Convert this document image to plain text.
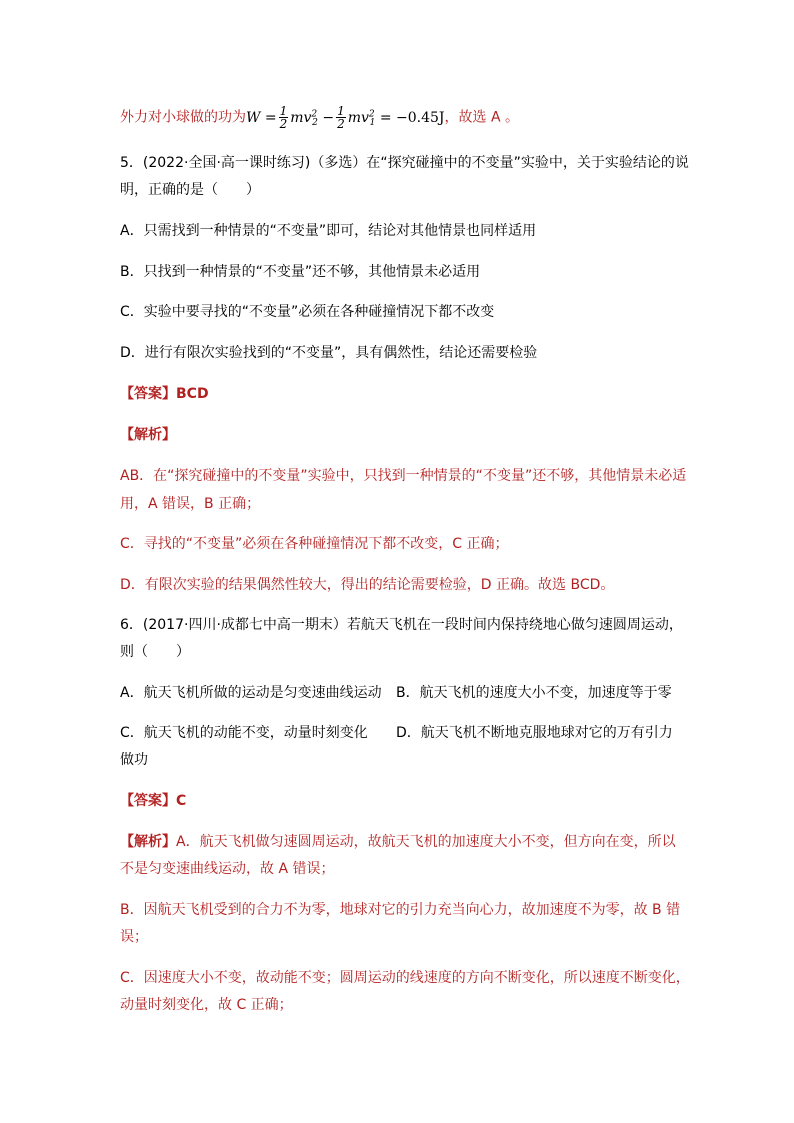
外力对小球做的功为$W = \frac{1}{2} mv^2_2 - \frac{1}{2} mv^2_1 = -0.45J$，故选 A 。
5．(2022·全国·高一课时练习)（多选）在“探究碰撞中的不变量”实验中，关于实验结论的说
明，正确的是（　　）
A．只需找到一种情景的“不变量”即可，结论对其他情景也同样适用
B．只找到一种情景的“不变量”还不够，其他情景未必适用
C．实验中要寻找的“不变量”必须在各种碰撞情况下都不改变
D．进行有限次实验找到的“不变量”，具有偶然性，结论还需要检验
【答案】BCD
【解析】
AB．在“探究碰撞中的不变量”实验中，只找到一种情景的“不变量”还不够，其他情景未必适
用，A 错误，B 正确；
C．寻找的“不变量”必须在各种碰撞情况下都不改变，C 正确；
D．有限次实验的结果偶然性较大，得出的结论需要检验，D 正确。故选 BCD。
6．(2017·四川·成都七中高一期末）若航天飞机在一段时间内保持绕地心做匀速圆周运动，
则（　　）
A．航天飞机所做的运动是匀变速曲线运动 B．航天飞机的速度大小不变，加速度等于零
C．航天飞机的动能不变，动量时刻变化 D．航天飞机不断地克服地球对它的万有引力
做功
【答案】C
【解析】A．航天飞机做匀速圆周运动，故航天飞机的加速度大小不变，但方向在变，所以
不是匀变速曲线运动，故 A 错误；
B．因航天飞机受到的合力不为零，地球对它的引力充当向心力，故加速度不为零，故 B 错
误；
C．因速度大小不变，故动能不变；圆周运动的线速度的方向不断变化，所以速度不断变化，
动量时刻变化，故 C 正确；
